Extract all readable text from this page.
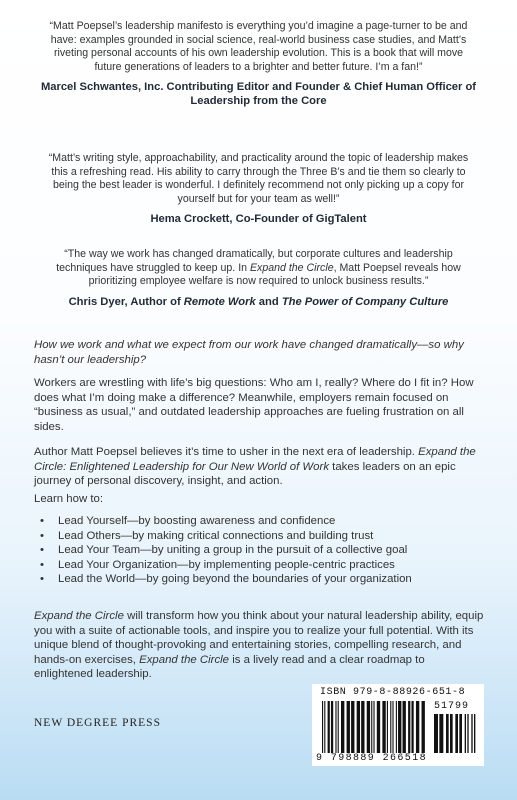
“Matt Poepsel’s leadership manifesto is everything you’d imagine a page-turner to be and have: examples grounded in social science, real-world business case studies, and Matt’s riveting personal accounts of his own leadership evolution. This is a book that will move future generations of leaders to a brighter and better future. I’m a fan!”

Marcel Schwantes, Inc. Contributing Editor and Founder & Chief Human Officer of Leadership from the Core

“Matt’s writing style, approachability, and practicality around the topic of leadership makes this a refreshing read. His ability to carry through the Three B’s and tie them so clearly to being the best leader is wonderful. I definitely recommend not only picking up a copy for yourself but for your team as well!”

Hema Crockett, Co-Founder of GigTalent

“The way we work has changed dramatically, but corporate cultures and leadership techniques have struggled to keep up. In Expand the Circle, Matt Poepsel reveals how prioritizing employee welfare is now required to unlock business results.”

Chris Dyer, Author of Remote Work and The Power of Company Culture

How we work and what we expect from our work have changed dramatically—so why hasn’t our leadership?

Workers are wrestling with life’s big questions: Who am I, really? Where do I fit in? How does what I’m doing make a difference? Meanwhile, employers remain focused on “business as usual,” and outdated leadership approaches are fueling frustration on all sides.

Author Matt Poepsel believes it’s time to usher in the next era of leadership. Expand the Circle: Enlightened Leadership for Our New World of Work takes leaders on an epic journey of personal discovery, insight, and action.

Learn how to:

• Lead Yourself—by boosting awareness and confidence
• Lead Others—by making critical connections and building trust
• Lead Your Team—by uniting a group in the pursuit of a collective goal
• Lead Your Organization—by implementing people-centric practices
• Lead the World—by going beyond the boundaries of your organization

Expand the Circle will transform how you think about your natural leadership ability, equip you with a suite of actionable tools, and inspire you to realize your full potential. With its unique blend of thought-provoking and entertaining stories, compelling research, and hands-on exercises, Expand the Circle is a lively read and a clear roadmap to enlightened leadership.

NEW DEGREE PRESS
ISBN 979-8-88926-651-8
51799
9 798889 266518
